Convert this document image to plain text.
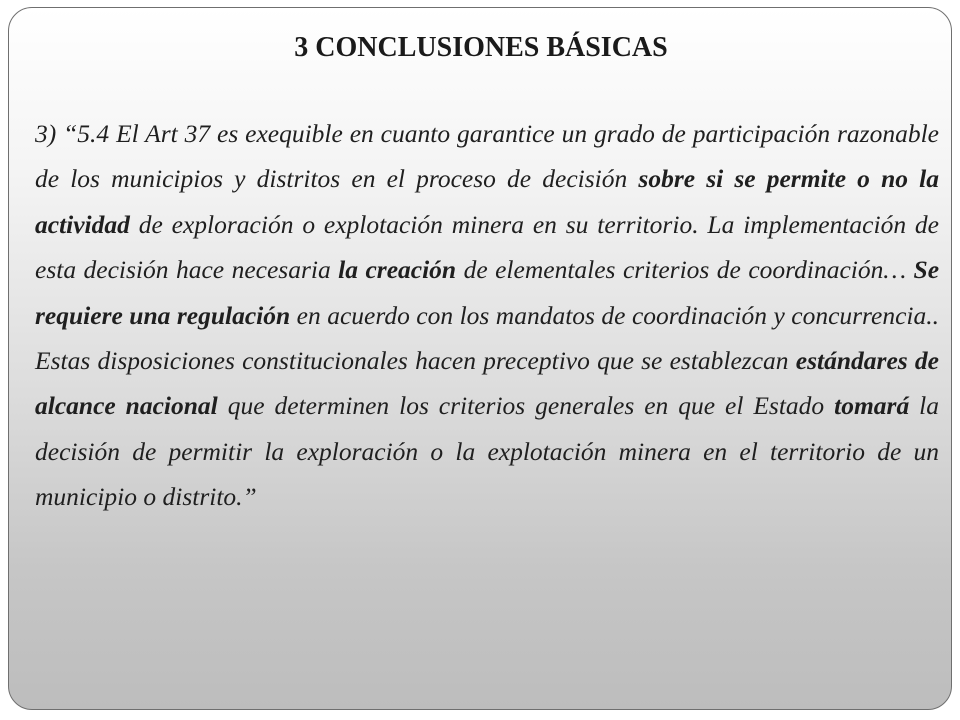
3 CONCLUSIONES BÁSICAS

3) “5.4 El Art 37 es exequible en cuanto garantice un grado de participación razonable de los municipios y distritos en el proceso de decisión sobre si se permite o no la actividad de exploración o explotación minera en su territorio. La implementación de esta decisión hace necesaria la creación de elementales criterios de coordinación… Se requiere una regulación en acuerdo con los mandatos de coordinación y concurrencia.. Estas disposiciones constitucionales hacen preceptivo que se establezcan estándares de alcance nacional que determinen los criterios generales en que el Estado tomará la decisión de permitir la exploración o la explotación minera en el territorio de un municipio o distrito.”
